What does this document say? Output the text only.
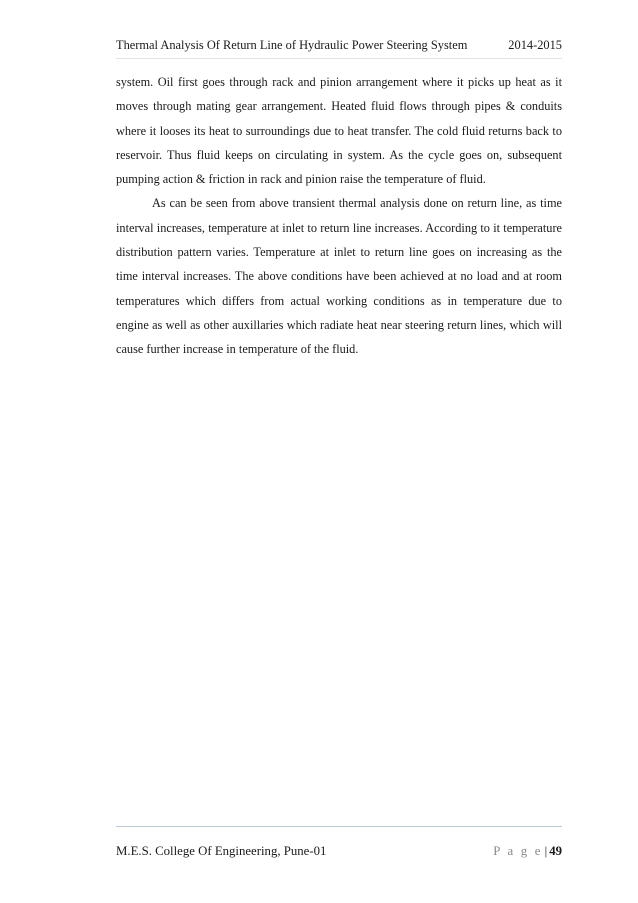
Thermal Analysis Of Return Line of Hydraulic Power Steering System	2014-2015

system. Oil first goes through rack and pinion arrangement where it picks up heat as it moves through mating gear arrangement. Heated fluid flows through pipes & conduits where it looses its heat to surroundings due to heat transfer. The cold fluid returns back to reservoir. Thus fluid keeps on circulating in system. As the cycle goes on, subsequent pumping action & friction in rack and pinion raise the temperature of fluid.

As can be seen from above transient thermal analysis done on return line, as time interval increases, temperature at inlet to return line increases. According to it temperature distribution pattern varies. Temperature at inlet to return line goes on increasing as the time interval increases. The above conditions have been achieved at no load and at room temperatures which differs from actual working conditions as in temperature due to engine as well as other auxillaries which radiate heat near steering return lines, which will cause further increase in temperature of the fluid.

M.E.S. College Of Engineering, Pune-01	P a g e | 49
